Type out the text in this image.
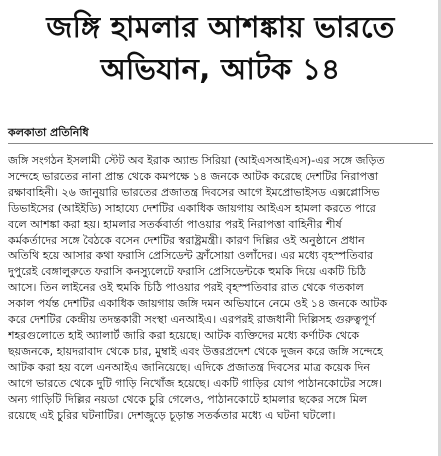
জঙ্গি হামলার আশঙ্কায় ভারতে
অভিযান, আটক ১৪
কলকাতা প্রতিনিধি
জঙ্গি সংগঠন ইসলামী স্টেট অব ইরাক অ্যান্ড সিরিয়া (আইএসআইএস)-এর সঙ্গে জড়িত
সন্দেহে ভারতের নানা প্রান্ত থেকে কমপক্ষে ১৪ জনকে আটক করেছে দেশটির নিরাপত্তা
রক্ষাবাহিনী। ২৬ জানুয়ারি ভারতের প্রজাতন্ত্র দিবসের আগে ইমপ্রোভাইসড এক্সপ্লোসিভ
ডিভাইসের (আইইডি) সাহায্যে দেশটির একাধিক জায়গায় আইএস হামলা করতে পারে
বলে আশঙ্কা করা হয়। হামলার সতর্কবার্তা পাওয়ার পরই নিরাপত্তা বাহিনীর শীর্ষ
কর্মকর্তাদের সঙ্গে বৈঠকে বসেন দেশটির স্বরাষ্ট্রমন্ত্রী। কারণ দিল্লির ওই অনুষ্ঠানে প্রধান
অতিথি হয়ে আসার কথা ফরাসি প্রেসিডেন্ট ফ্রাঁসোয়া ওলাঁদের। এর মধ্যে বৃহস্পতিবার
দুপুরেই বেঙ্গালুরুতে ফরাসি কনস্যুলেটে ফরাসি প্রেসিডেন্টকে হুমকি দিয়ে একটি চিঠি
আসে। তিন লাইনের ওই হুমকি চিঠি পাওয়ার পরই বৃহস্পতিবার রাত থেকে গতকাল
সকাল পর্যন্ত দেশটির একাধিক জায়গায় জঙ্গি দমন অভিযানে নেমে ওই ১৪ জনকে আটক
করে দেশটির কেন্দ্রীয় তদন্তকারী সংস্থা এনআইএ। এরপরই রাজধানী দিল্লিসহ গুরুত্বপূর্ণ
শহরগুলোতে হাই অ্যালার্ট জারি করা হয়েছে। আটক ব্যক্তিদের মধ্যে কর্ণাটক থেকে
ছয়জনকে, হায়দরাবাদ থেকে চার, মুম্বাই এবং উত্তরপ্রদেশ থেকে দুজন করে জঙ্গি সন্দেহে
আটক করা হয় বলে এনআইএ জানিয়েছে। এদিকে প্রজাতন্ত্র দিবসের মাত্র কয়েক দিন
আগে ভারতে থেকে দুটি গাড়ি নিখোঁজ হয়েছে। একটি গাড়ির যোগ পাঠানকোটের সঙ্গে।
অন্য গাড়িটি দিল্লির নয়ডা থেকে চুরি গেলেও, পাঠানকোটে হামলার ছকের সঙ্গে মিল
রয়েছে এই চুরির ঘটনাটির। দেশজুড়ে চূড়ান্ত সতর্কতার মধ্যে এ ঘটনা ঘটলো।
